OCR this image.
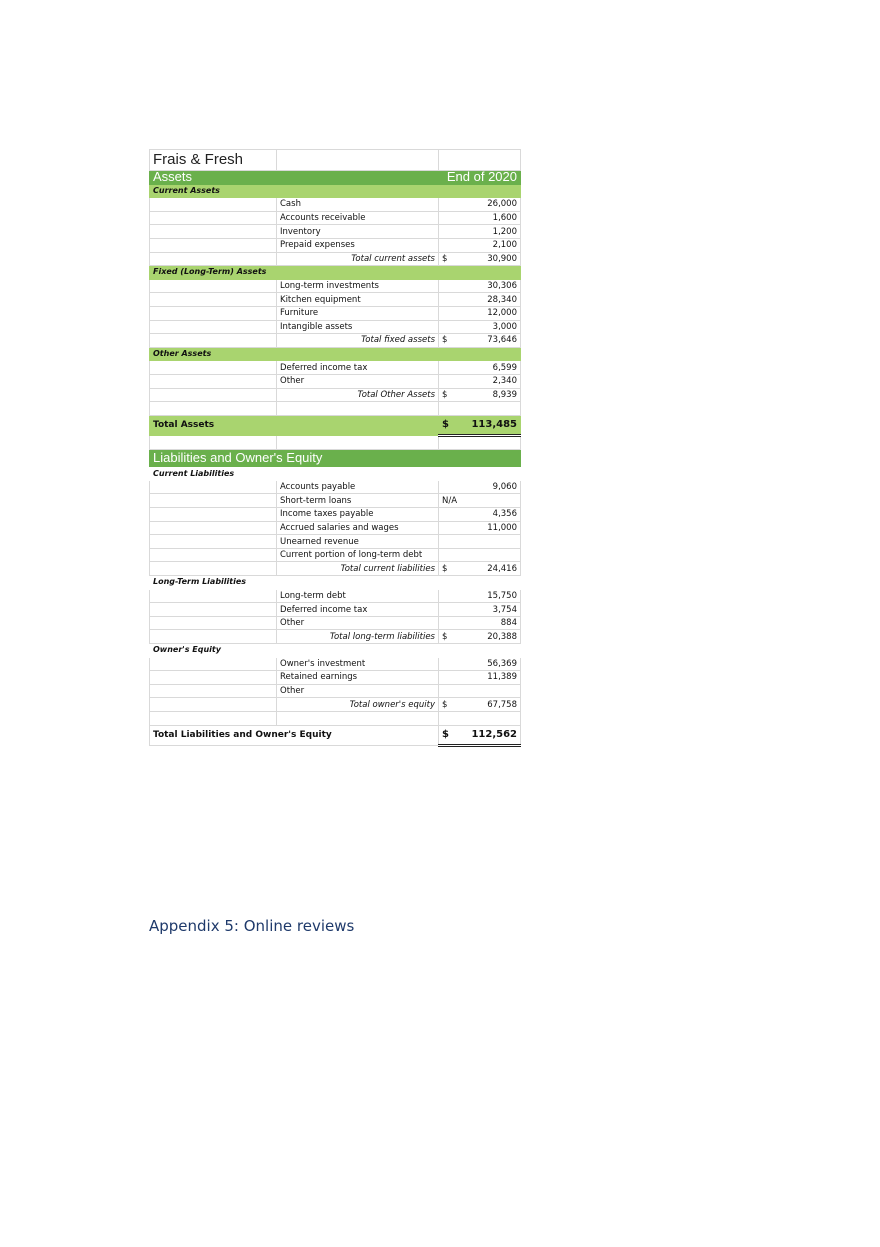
Frais & Fresh		
Assets		End of 2020
Current Assets		
	Cash	26,000
	Accounts receivable	1,600
	Inventory	1,200
	Prepaid expenses	2,100
	Total current assets	$ 30,900

Fixed (Long-Term) Assets		
	Long-term investments	30,306
	Kitchen equipment	28,340
	Furniture	12,000
	Intangible assets	3,000
	Total fixed assets	$ 73,646

Other Assets		
	Deferred income tax	6,599
	Other	2,340
	Total Other Assets	$ 8,939

Total Assets		$ 113,485

Liabilities and Owner's Equity		
Current Liabilities		
	Accounts payable	9,060
	Short-term loans	N/A
	Income taxes payable	4,356
	Accrued salaries and wages	11,000
	Unearned revenue	
	Current portion of long-term debt	
	Total current liabilities	$ 24,416

Long-Term Liabilities		
	Long-term debt	15,750
	Deferred income tax	3,754
	Other	884
	Total long-term liabilities	$ 20,388

Owner's Equity		
	Owner's investment	56,369
	Retained earnings	11,389
	Other	
	Total owner's equity	$ 67,758

Total Liabilities and Owner's Equity		$ 112,562
Appendix 5: Online reviews
